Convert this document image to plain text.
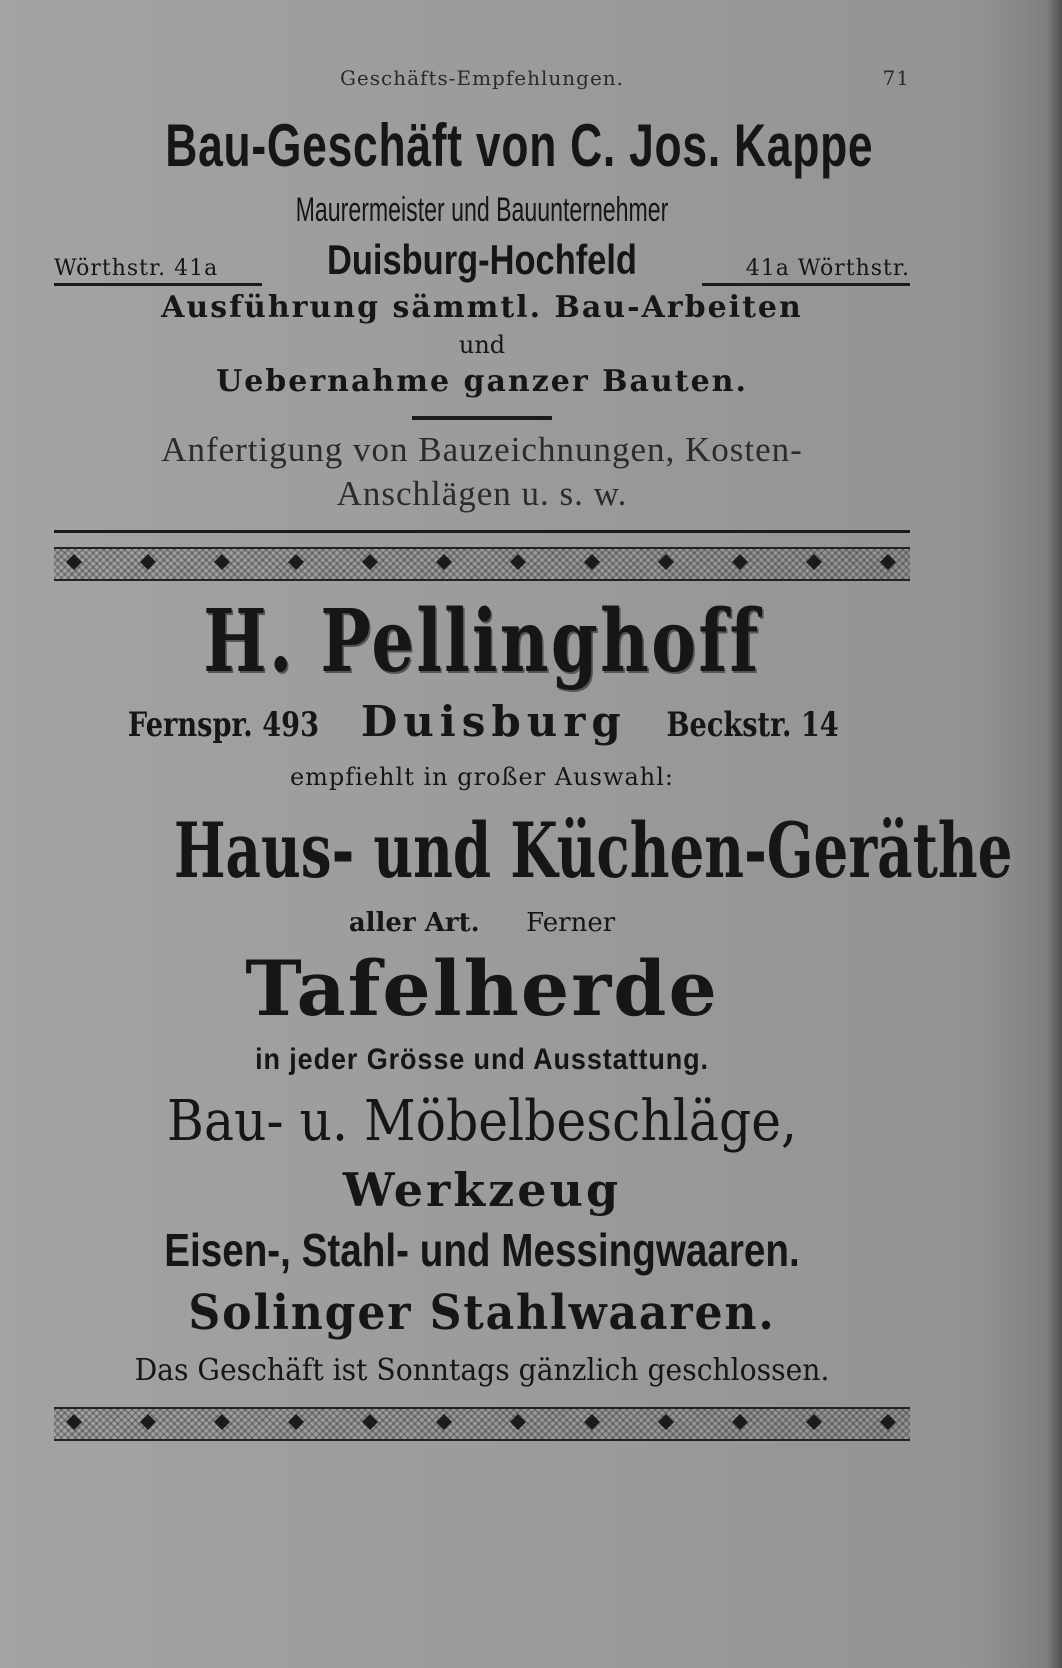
Geschäfts-Empfehlungen.	71
Bau-Geschäft von C. Jos. Kappe
Maurermeister und Bauunternehmer
Wörthstr. 41a	Duisburg-Hochfeld	41a Wörthstr.
Ausführung sämmtl. Bau-Arbeiten
und
Uebernahme ganzer Bauten.
Anfertigung von Bauzeichnungen, Kosten-
Anschlägen u. s. w.
H. Pellinghoff
Fernspr. 493 Duisburg Beckstr. 14
empfiehlt in großer Auswahl:
Haus- und Küchen-Geräthe
aller Art. Ferner
Tafelherde
in jeder Grösse und Ausstattung.
Bau- u. Möbelbeschläge,
Werkzeug
Eisen-, Stahl- und Messingwaaren.
Solinger Stahlwaaren.
Das Geschäft ist Sonntags gänzlich geschlossen.
